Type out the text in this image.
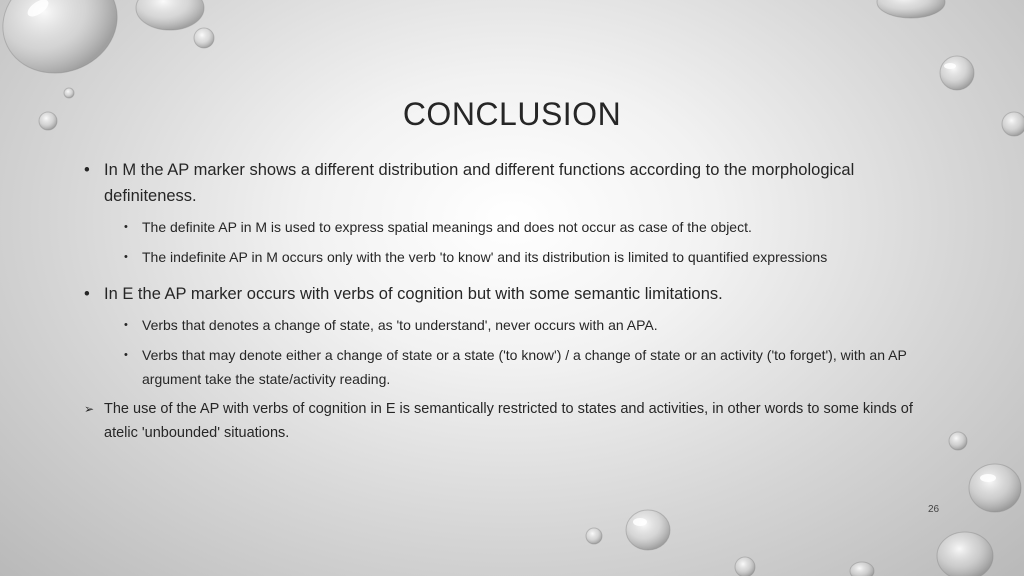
CONCLUSION
• In M the AP marker shows a different distribution and different functions according to the morphological definiteness.
• The definite AP in M is used to express spatial meanings and does not occur as case of the object.
• The indefinite AP in M occurs only with the verb 'to know' and its distribution is limited to quantified expressions
• In E the AP marker occurs with verbs of cognition but with some semantic limitations.
• Verbs that denotes a change of state, as 'to understand', never occurs with an APA.
• Verbs that may denote either a change of state or a state ('to know') / a change of state or an activity ('to forget'), with an AP argument take the state/activity reading.
➢ The use of the AP with verbs of cognition in E is semantically restricted to states and activities, in other words to some kinds of atelic 'unbounded' situations.
26
